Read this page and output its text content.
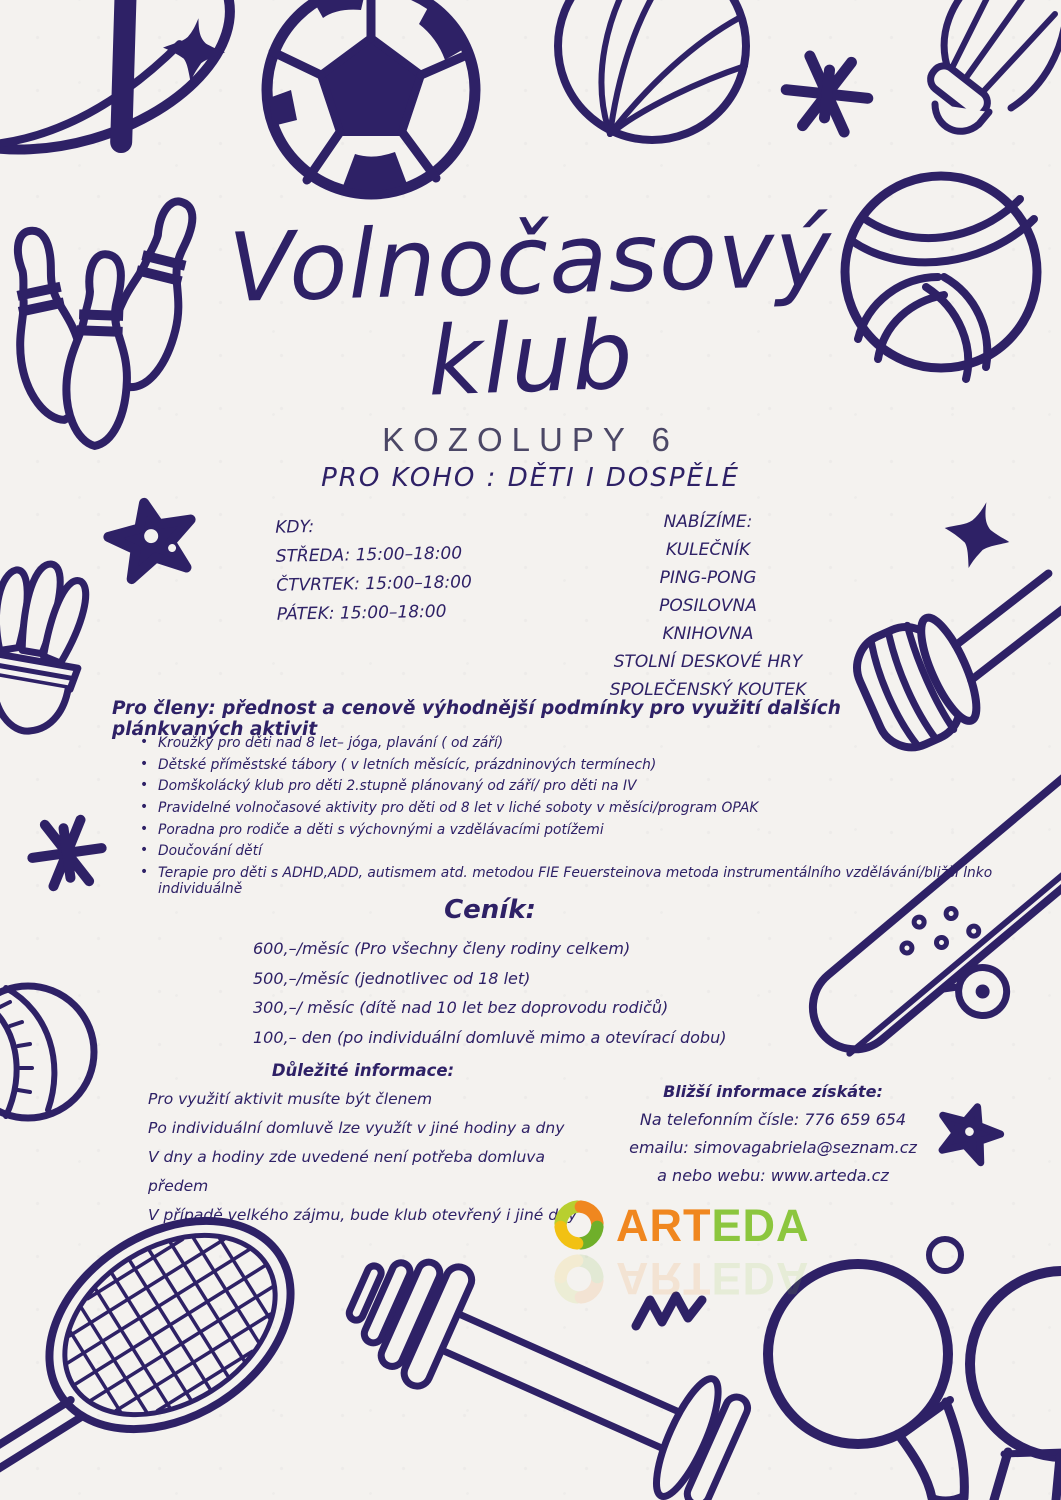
Volnočasový
klub
KOZOLUPY 6
PRO KOHO : DĚTI I DOSPĚLÉ
KDY:
STŘEDA: 15:00–18:00
ČTVRTEK: 15:00–18:00
PÁTEK: 15:00–18:00
NABÍZÍME:
KULEČNÍK
PING-PONG
POSILOVNA
KNIHOVNA
STOLNÍ DESKOVÉ HRY
SPOLEČENSKÝ KOUTEK
Pro členy: přednost a cenově výhodnější podmínky pro využití dalších plánkvaných aktivit
• Kroužky pro děti nad 8 let– jóga, plavání ( od září)
• Dětské příměstské tábory ( v letních měsícíc, prázdninových termínech)
• Domškolácký klub pro děti 2.stupně plánovaný od září/ pro děti na IV
• Pravidelné volnočasové aktivity pro děti od 8 let v liché soboty v měsíci/program OPAK
• Poradna pro rodiče a děti s výchovnými a vzdělávacími potížemi
• Doučování dětí
• Terapie pro děti s ADHD,ADD, autismem atd. metodou FIE Feuersteinova metoda instrumentálního vzdělávání/bližší lnko individuálně
Ceník:
600,–/měsíc (Pro všechny členy rodiny celkem)
500,–/měsíc (jednotlivec od 18 let)
300,–/ měsíc (dítě nad 10 let bez doprovodu rodičů)
100,– den (po individuální domluvě mimo a otevírací dobu)
Důležité informace:
Pro využití aktivit musíte být členem
Po individuální domluvě lze využít v jiné hodiny a dny
V dny a hodiny zde uvedené není potřeba domluva předem
V případě velkého zájmu, bude klub otevřený i jiné dny
Bližší informace získáte:
Na telefonním čísle: 776 659 654
emailu: simovagabriela@seznam.cz
a nebo webu: www.arteda.cz
ARTEDA
ARTEDA
